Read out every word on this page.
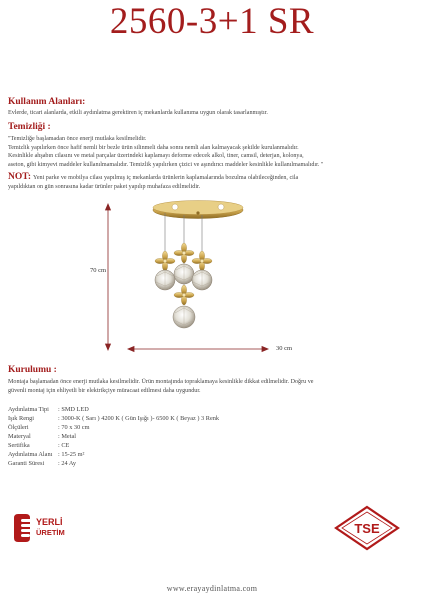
2560-3+1 SR
Kullanım Alanları:
Evlerde, ticari alanlarda, etkili aydınlatma gerektiren iç mekanlarda kullanıma uygun olarak tasarlanmıştır.
Temizliği :
"Temizliğe başlamadan önce enerji mutlaka kesilmelidir.
Temizlik yapılırken önce hafif nemli bir bezle ürün silinmeli daha sonra nemli alan kalmayacak şekilde kurulanmalıdır.
Kesinlikle ahşabın cilasını ve metal parçalar üzerindeki kaplamayı deforme edecek alkol, tiner, camsil, deterjan, kolonya,
aseton, gibi kimyevi maddeler kullanılmamalıdır. Temizlik yapılırken çizici ve aşındırıcı maddeler kesinlikle kullanılmamalıdır. "
NOT: Yeni parke ve mobilya cilası yapılmış iç mekanlarda ürünlerin kaplamalarında bozulma olabileceğinden, cila
yapıldıktan on gün sonrasına kadar ürünler paket yapılıp muhafaza edilmelidir.
70 cm
30 cm
Kurulumu :
Montaja başlamadan önce enerji mutlaka kesilmelidir. Ürün montajında topraklamaya kesinlikle dikkat edilmelidir. Doğru ve
güvenli montaj için ehliyetli bir elektrikçiye müracaat edilmesi daha uygundur.
Aydınlatma Tipi : SMD LED
Işık Rengi	: 3000-K ( Sarı ) 4200 K ( Gün Işığı )- 6500 K ( Beyaz ) 3 Renk
Ölçüleri	: 70 x 30 cm
Materyal	: Metal
Sertifika	: CE
Aydınlatma Alanı : 15-25 m²
Garanti Süresi : 24 Ay
YERLİ
ÜRETİM	TSE
www.erayaydinlatma.com
